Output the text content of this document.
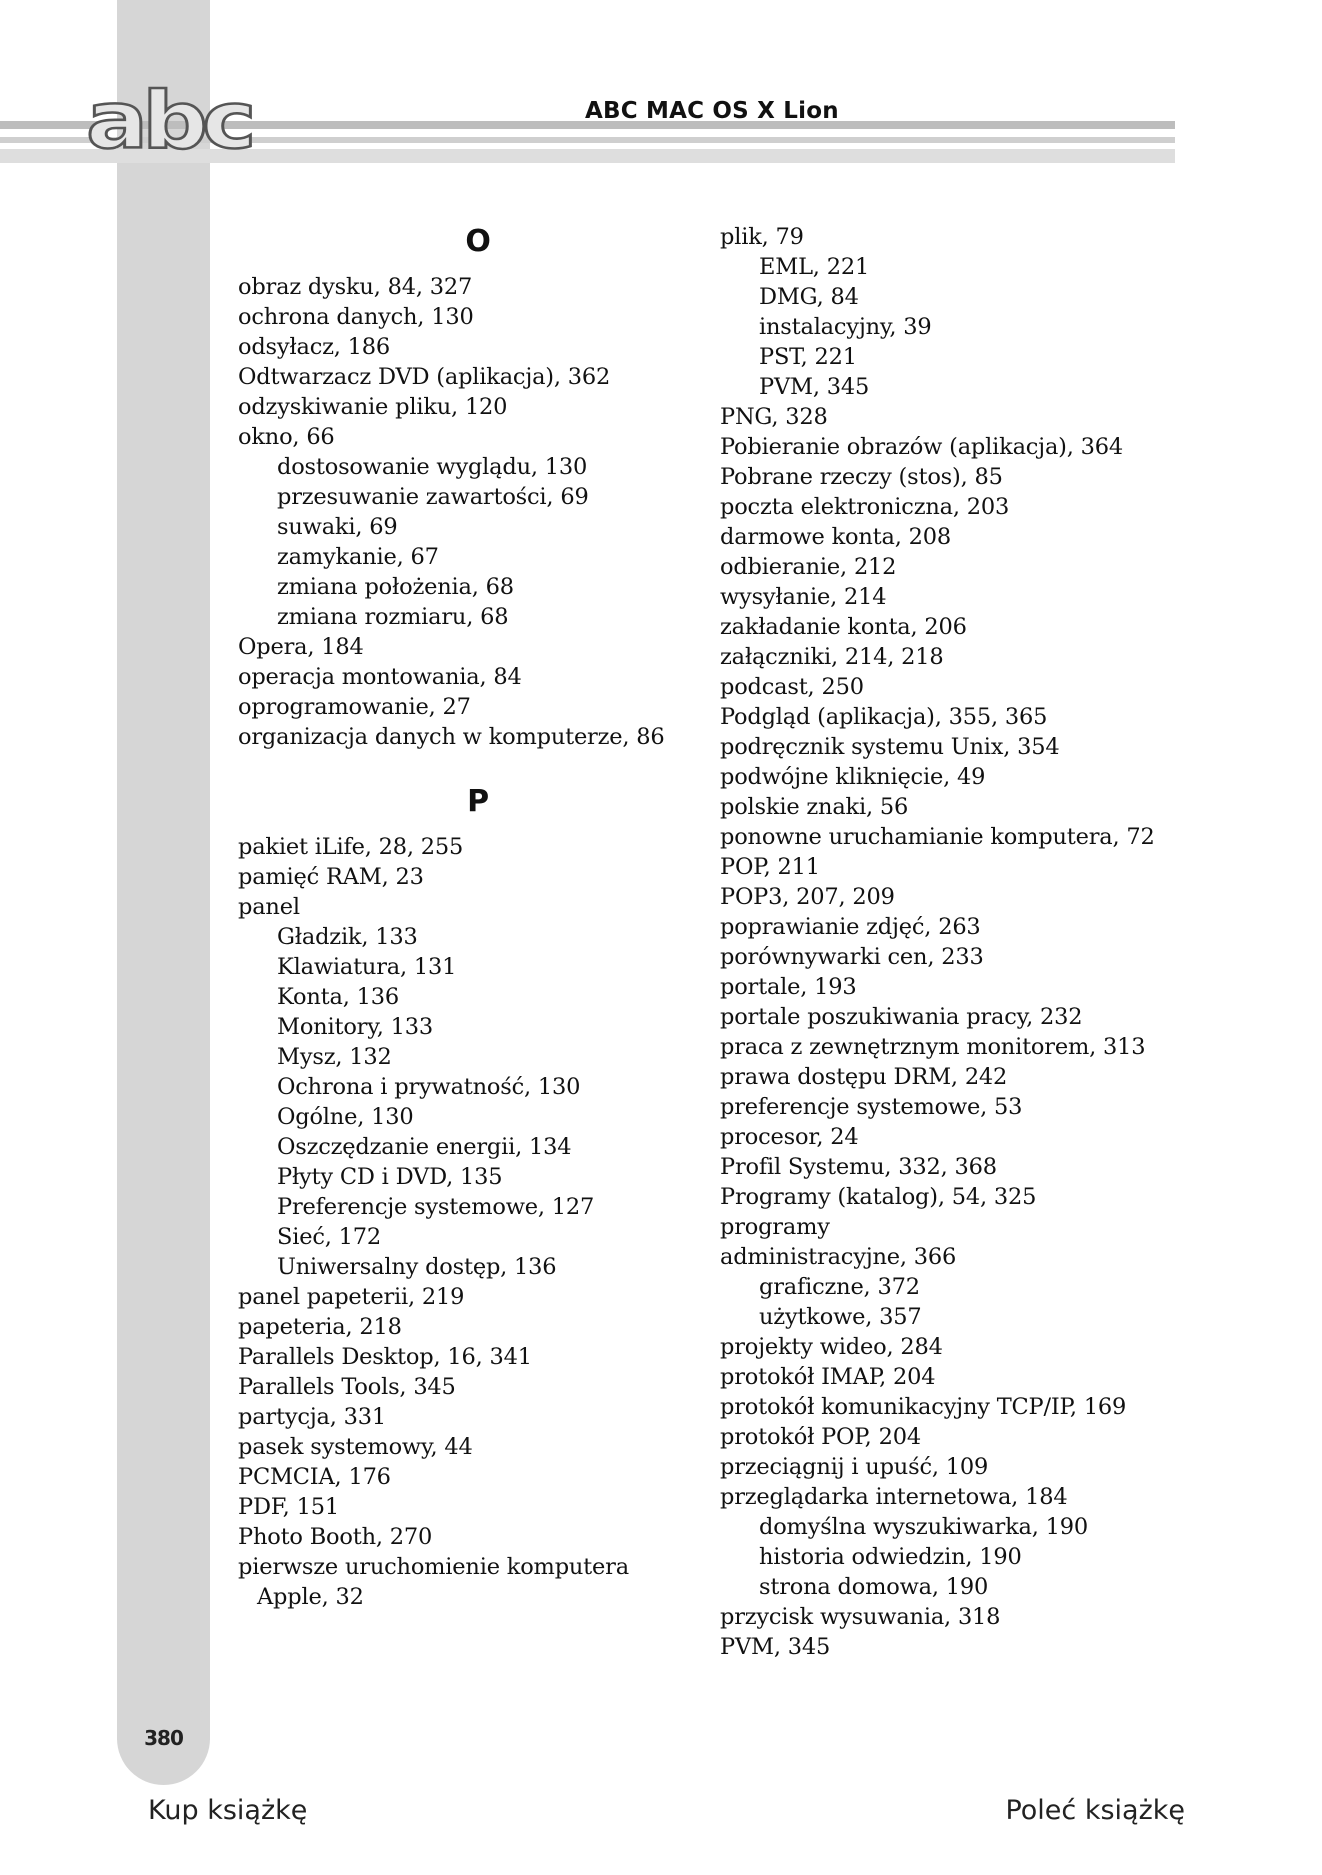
380
abc	ABC MAC OS X Lion
O
obraz dysku, 84, 327
ochrona danych, 130
odsyłacz, 186
Odtwarzacz DVD (aplikacja), 362
odzyskiwanie pliku, 120
okno, 66
dostosowanie wyglądu, 130
przesuwanie zawartości, 69
suwaki, 69
zamykanie, 67
zmiana położenia, 68
zmiana rozmiaru, 68
Opera, 184
operacja montowania, 84
oprogramowanie, 27
organizacja danych w komputerze, 86
P
pakiet iLife, 28, 255
pamięć RAM, 23
panel
Gładzik, 133
Klawiatura, 131
Konta, 136
Monitory, 133
Mysz, 132
Ochrona i prywatność, 130
Ogólne, 130
Oszczędzanie energii, 134
Płyty CD i DVD, 135
Preferencje systemowe, 127
Sieć, 172
Uniwersalny dostęp, 136
panel papeterii, 219
papeteria, 218
Parallels Desktop, 16, 341
Parallels Tools, 345
partycja, 331
pasek systemowy, 44
PCMCIA, 176
PDF, 151
Photo Booth, 270
pierwsze uruchomienie komputera
Apple, 32
plik, 79
EML, 221
DMG, 84
instalacyjny, 39
PST, 221
PVM, 345
PNG, 328
Pobieranie obrazów (aplikacja), 364
Pobrane rzeczy (stos), 85
poczta elektroniczna, 203
darmowe konta, 208
odbieranie, 212
wysyłanie, 214
zakładanie konta, 206
załączniki, 214, 218
podcast, 250
Podgląd (aplikacja), 355, 365
podręcznik systemu Unix, 354
podwójne kliknięcie, 49
polskie znaki, 56
ponowne uruchamianie komputera, 72
POP, 211
POP3, 207, 209
poprawianie zdjęć, 263
porównywarki cen, 233
portale, 193
portale poszukiwania pracy, 232
praca z zewnętrznym monitorem, 313
prawa dostępu DRM, 242
preferencje systemowe, 53
procesor, 24
Profil Systemu, 332, 368
Programy (katalog), 54, 325
programy
administracyjne, 366
graficzne, 372
użytkowe, 357
projekty wideo, 284
protokół IMAP, 204
protokół komunikacyjny TCP/IP, 169
protokół POP, 204
przeciągnij i upuść, 109
przeglądarka internetowa, 184
domyślna wyszukiwarka, 190
historia odwiedzin, 190
strona domowa, 190
przycisk wysuwania, 318
PVM, 345
Kup książkę	Poleć książkę
